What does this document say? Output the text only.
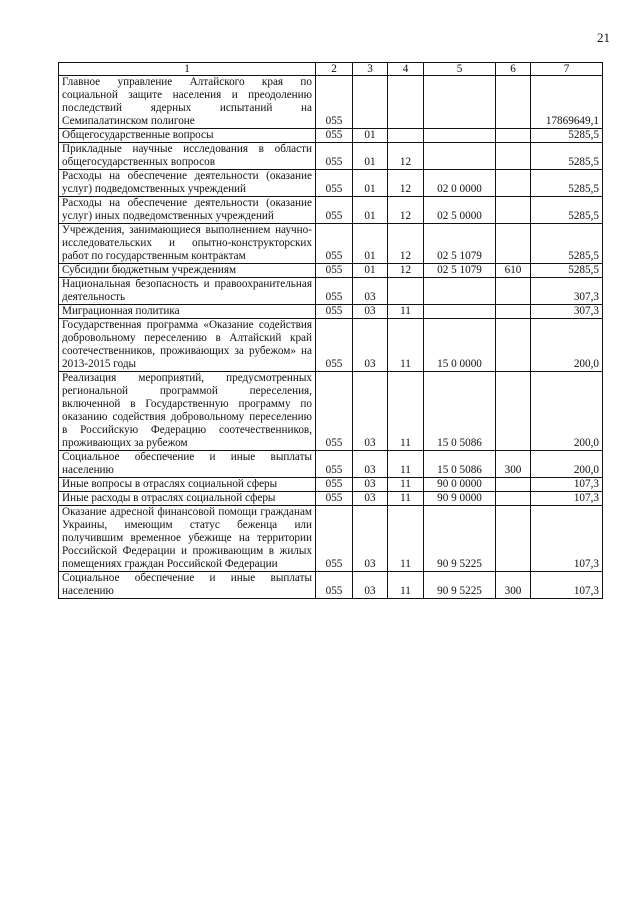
21
1	2	3	4	5	6	7
Главное управление Алтайского края по социальной защите населения и преодолению последствий ядерных испытаний на Семипалатинском полигоне	055					17869649,1
Общегосударственные вопросы	055	01				5285,5
Прикладные научные исследования в области общегосударственных вопросов	055	01	12			5285,5
Расходы на обеспечение деятельности (оказание услуг) подведомственных учреждений	055	01	12	02 0 0000		5285,5
Расходы на обеспечение деятельности (оказание услуг) иных подведомственных учреждений	055	01	12	02 5 0000		5285,5
Учреждения, занимающиеся выполнением научно-исследовательских и опытно-конструкторских работ по государственным контрактам	055	01	12	02 5 1079		5285,5
Субсидии бюджетным учреждениям	055	01	12	02 5 1079	610	5285,5
Национальная безопасность и правоохранительная деятельность	055	03				307,3
Миграционная политика	055	03	11			307,3
Государственная программа «Оказание содействия добровольному переселению в Алтайский край соотечественников, проживающих за рубежом» на 2013-2015 годы	055	03	11	15 0 0000		200,0
Реализация мероприятий, предусмотренных региональной программой переселения, включенной в Государственную программу по оказанию содействия добровольному переселению в Российскую Федерацию соотечественников, проживающих за рубежом	055	03	11	15 0 5086		200,0
Социальное обеспечение и иные выплаты населению	055	03	11	15 0 5086	300	200,0
Иные вопросы в отраслях социальной сферы	055	03	11	90 0 0000		107,3
Иные расходы в отраслях социальной сферы	055	03	11	90 9 0000		107,3
Оказание адресной финансовой помощи гражданам Украины, имеющим статус беженца или получившим временное убежище на территории Российской Федерации и проживающим в жилых помещениях граждан Российской Федерации	055	03	11	90 9 5225		107,3
Социальное обеспечение и иные выплаты населению	055	03	11	90 9 5225	300	107,3
